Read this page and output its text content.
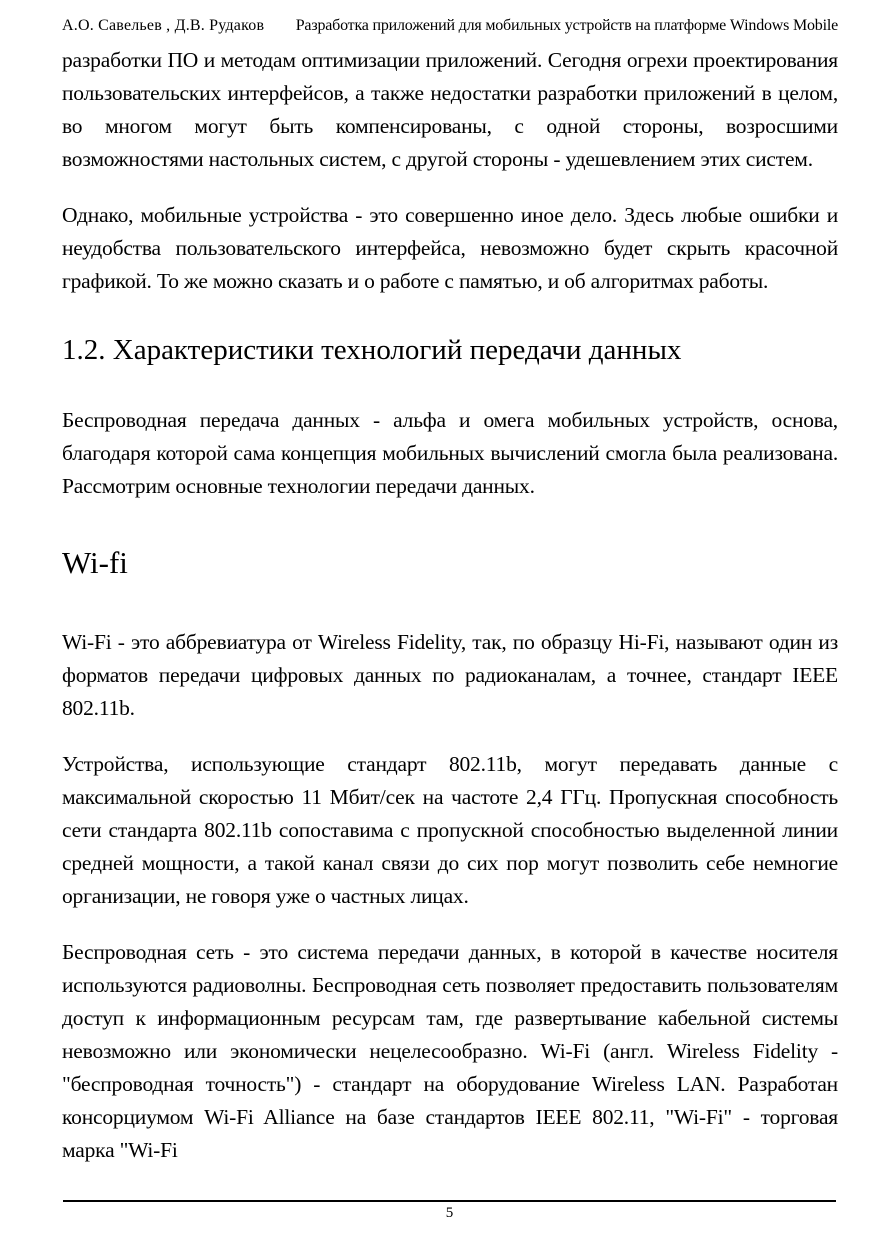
А.О. Савельев , Д.В. Рудаков Разработка приложений для мобильных устройств на платформе Windows Mobile

разработки ПО и методам оптимизации приложений. Сегодня огрехи проектирования пользовательских интерфейсов, а также недостатки разработки приложений в целом, во многом могут быть компенсированы, с одной стороны, возросшими возможностями настольных систем, с другой стороны - удешевлением этих систем.

Однако, мобильные устройства - это совершенно иное дело. Здесь любые ошибки и неудобства пользовательского интерфейса, невозможно будет скрыть красочной графикой. То же можно сказать и о работе с памятью, и об алгоритмах работы.

1.2. Характеристики технологий передачи данных

Беспроводная передача данных - альфа и омега мобильных устройств, основа, благодаря которой сама концепция мобильных вычислений смогла была реализована. Рассмотрим основные технологии передачи данных.

Wi-fi

Wi-Fi - это аббревиатура от Wireless Fidelity, так, по образцу Hi-Fi, называют один из форматов передачи цифровых данных по радиоканалам, а точнее, стандарт IEEE 802.11b.

Устройства, использующие стандарт 802.11b, могут передавать данные с максимальной скоростью 11 Мбит/сек на частоте 2,4 ГГц. Пропускная способность сети стандарта 802.11b сопоставима с пропускной способностью выделенной линии средней мощности, а такой канал связи до сих пор могут позволить себе немногие организации, не говоря уже о частных лицах.

Беспроводная сеть - это система передачи данных, в которой в качестве носителя используются радиоволны. Беспроводная сеть позволяет предоставить пользователям доступ к информационным ресурсам там, где развертывание кабельной системы невозможно или экономически нецелесообразно. Wi-Fi (англ. Wireless Fidelity - "беспроводная точность") - стандарт на оборудование Wireless LAN. Разработан консорциумом Wi-Fi Alliance на базе стандартов IEEE 802.11, "Wi-Fi" - торговая марка "Wi-Fi

5
